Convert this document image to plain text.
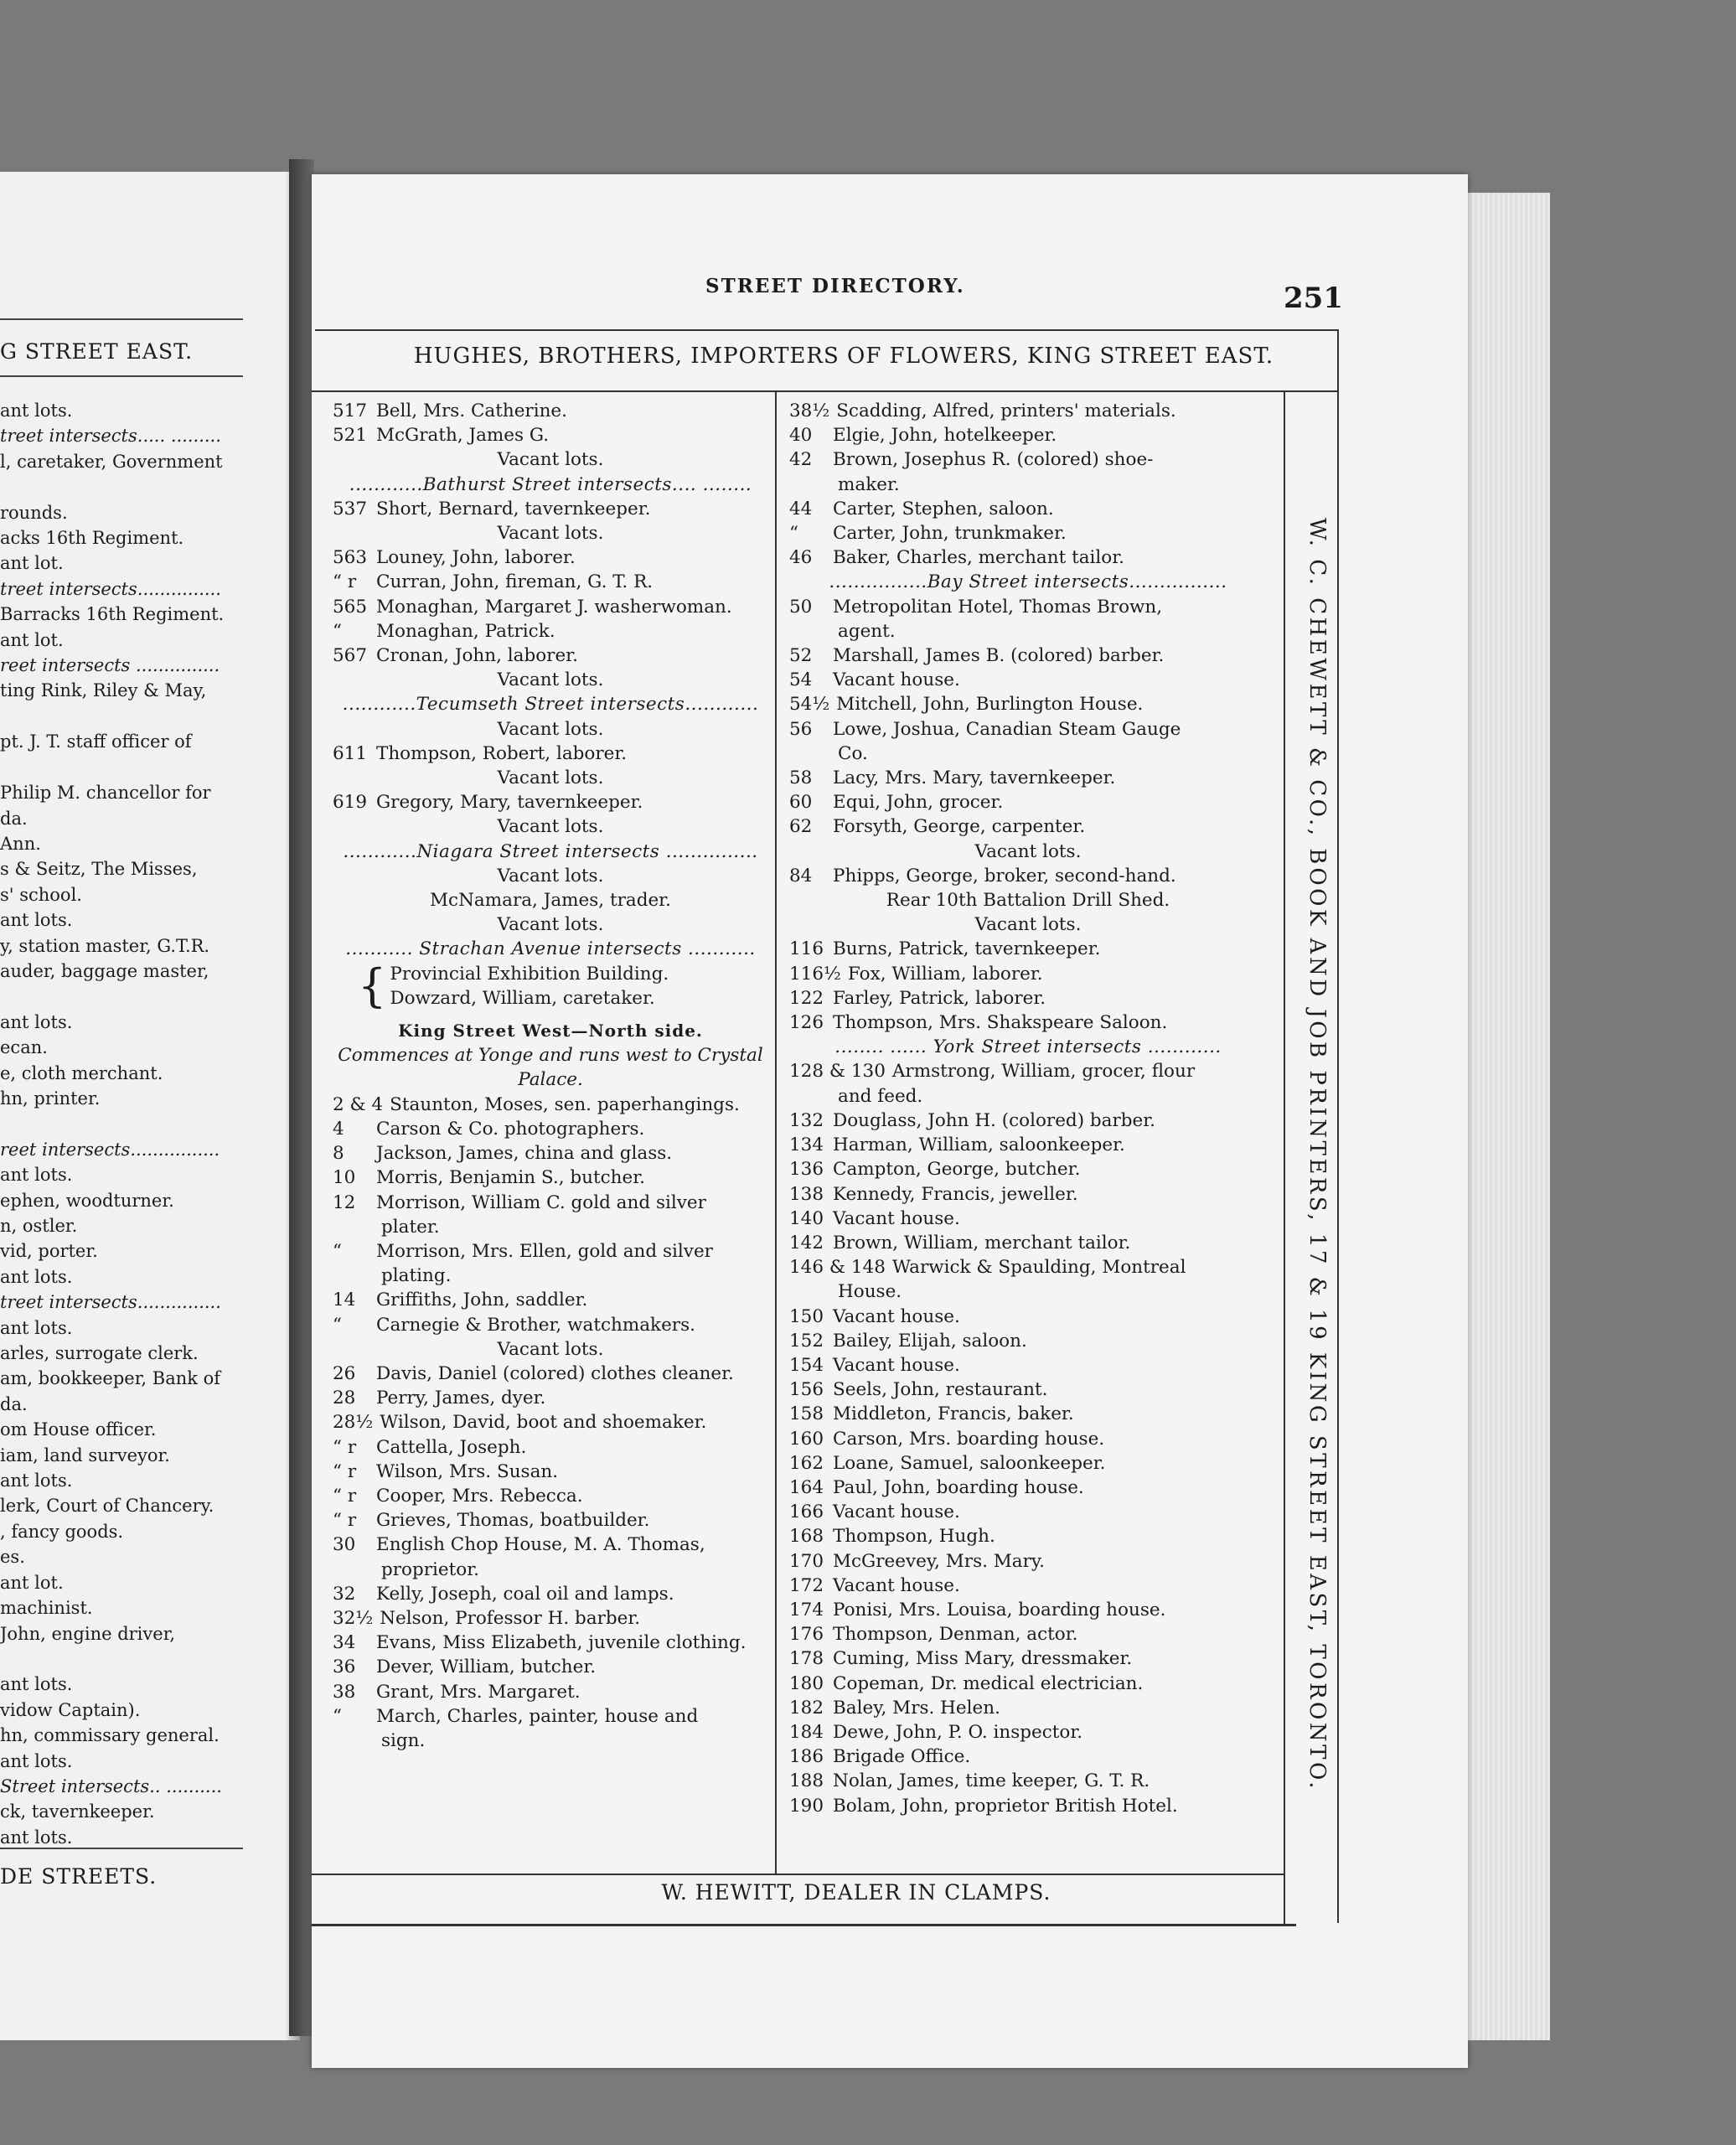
G STREET EAST.
ant lots.
treet intersects..... .........
l, caretaker, Government

rounds.
acks 16th Regiment.
ant lot.
treet intersects...............
Barracks 16th Regiment.
ant lot.
reet intersects ...............
ting Rink, Riley & May,

pt. J. T. staff officer of

Philip M. chancellor for
da.
Ann.
s & Seitz, The Misses,
s' school.
ant lots.
y, station master, G.T.R.
auder, baggage master,

ant lots.
ecan.
e, cloth merchant.
hn, printer.

reet intersects................
ant lots.
ephen, woodturner.
n, ostler.
vid, porter.
ant lots.
treet intersects...............
ant lots.
arles, surrogate clerk.
am, bookkeeper, Bank of
da.
om House officer.
iam, land surveyor.
ant lots.
lerk, Court of Chancery.
, fancy goods.
es.
ant lot.
machinist.
John, engine driver,

ant lots.
vidow Captain).
hn, commissary general.
ant lots.
Street intersects.. ..........
ck, tavernkeeper.
ant lots.
DE STREETS.
STREET DIRECTORY.	251
HUGHES, BROTHERS, IMPORTERS OF FLOWERS, KING STREET EAST.
517 Bell, Mrs. Catherine.
521 McGrath, James G.
Vacant lots.
............Bathurst Street intersects.... ........
537 Short, Bernard, tavernkeeper.
Vacant lots.
563 Louney, John, laborer.
“ r	Curran, John, fireman, G. T. R.
565 Monaghan, Margaret J. washerwoman.
“	Monaghan, Patrick.
567 Cronan, John, laborer.
Vacant lots.
............Tecumseth Street intersects............
Vacant lots.
611 Thompson, Robert, laborer.
Vacant lots.
619 Gregory, Mary, tavernkeeper.
Vacant lots.
............Niagara Street intersects ...............
Vacant lots.
McNamara, James, trader.
Vacant lots.
........... Strachan Avenue intersects ...........
{ Provincial Exhibition Building.
Dowzard, William, caretaker.
King Street West—North side.
Commences at Yonge and runs west to Crystal
Palace.
2 & 4 Staunton, Moses, sen. paperhangings.
4	Carson & Co. photographers.
8	Jackson, James, china and glass.
10	Morris, Benjamin S., butcher.
12	Morrison, William C. gold and silver
plater.
“	Morrison, Mrs. Ellen, gold and silver
plating.
14	Griffiths, John, saddler.
“	Carnegie & Brother, watchmakers.
Vacant lots.
26	Davis, Daniel (colored) clothes cleaner.
28	Perry, James, dyer.
28½ Wilson, David, boot and shoemaker.
“ r	Cattella, Joseph.
“ r	Wilson, Mrs. Susan.
“ r	Cooper, Mrs. Rebecca.
“ r	Grieves, Thomas, boatbuilder.
30	English Chop House, M. A. Thomas,
proprietor.
32	Kelly, Joseph, coal oil and lamps.
32½ Nelson, Professor H. barber.
34	Evans, Miss Elizabeth, juvenile clothing.
36	Dever, William, butcher.
38	Grant, Mrs. Margaret.
“	March, Charles, painter, house and
sign.
38½ Scadding, Alfred, printers' materials.
40	Elgie, John, hotelkeeper.
42	Brown, Josephus R. (colored) shoe-
maker.
44	Carter, Stephen, saloon.
“	Carter, John, trunkmaker.
46	Baker, Charles, merchant tailor.
................Bay Street intersects................
50	Metropolitan Hotel, Thomas Brown,
agent.
52	Marshall, James B. (colored) barber.
54	Vacant house.
54½ Mitchell, John, Burlington House.
56	Lowe, Joshua, Canadian Steam Gauge
Co.
58	Lacy, Mrs. Mary, tavernkeeper.
60	Equi, John, grocer.
62	Forsyth, George, carpenter.
Vacant lots.
84	Phipps, George, broker, second-hand.
Rear 10th Battalion Drill Shed.
Vacant lots.
116 Burns, Patrick, tavernkeeper.
116½ Fox, William, laborer.
122 Farley, Patrick, laborer.
126 Thompson, Mrs. Shakspeare Saloon.
........ ...... York Street intersects ............
128 & 130 Armstrong, William, grocer, flour
and feed.
132 Douglass, John H. (colored) barber.
134 Harman, William, saloonkeeper.
136 Campton, George, butcher.
138 Kennedy, Francis, jeweller.
140 Vacant house.
142 Brown, William, merchant tailor.
146 & 148 Warwick & Spaulding, Montreal
House.
150 Vacant house.
152 Bailey, Elijah, saloon.
154 Vacant house.
156 Seels, John, restaurant.
158 Middleton, Francis, baker.
160 Carson, Mrs. boarding house.
162 Loane, Samuel, saloonkeeper.
164 Paul, John, boarding house.
166 Vacant house.
168 Thompson, Hugh.
170 McGreevey, Mrs. Mary.
172 Vacant house.
174 Ponisi, Mrs. Louisa, boarding house.
176 Thompson, Denman, actor.
178 Cuming, Miss Mary, dressmaker.
180 Copeman, Dr. medical electrician.
182 Baley, Mrs. Helen.
184 Dewe, John, P. O. inspector.
186 Brigade Office.
188 Nolan, James, time keeper, G. T. R.
190 Bolam, John, proprietor British Hotel.
W. C. CHEWETT & CO., BOOK AND JOB PRINTERS, 17 & 19 KING STREET EAST, TORONTO.
W. HEWITT, DEALER IN CLAMPS.
